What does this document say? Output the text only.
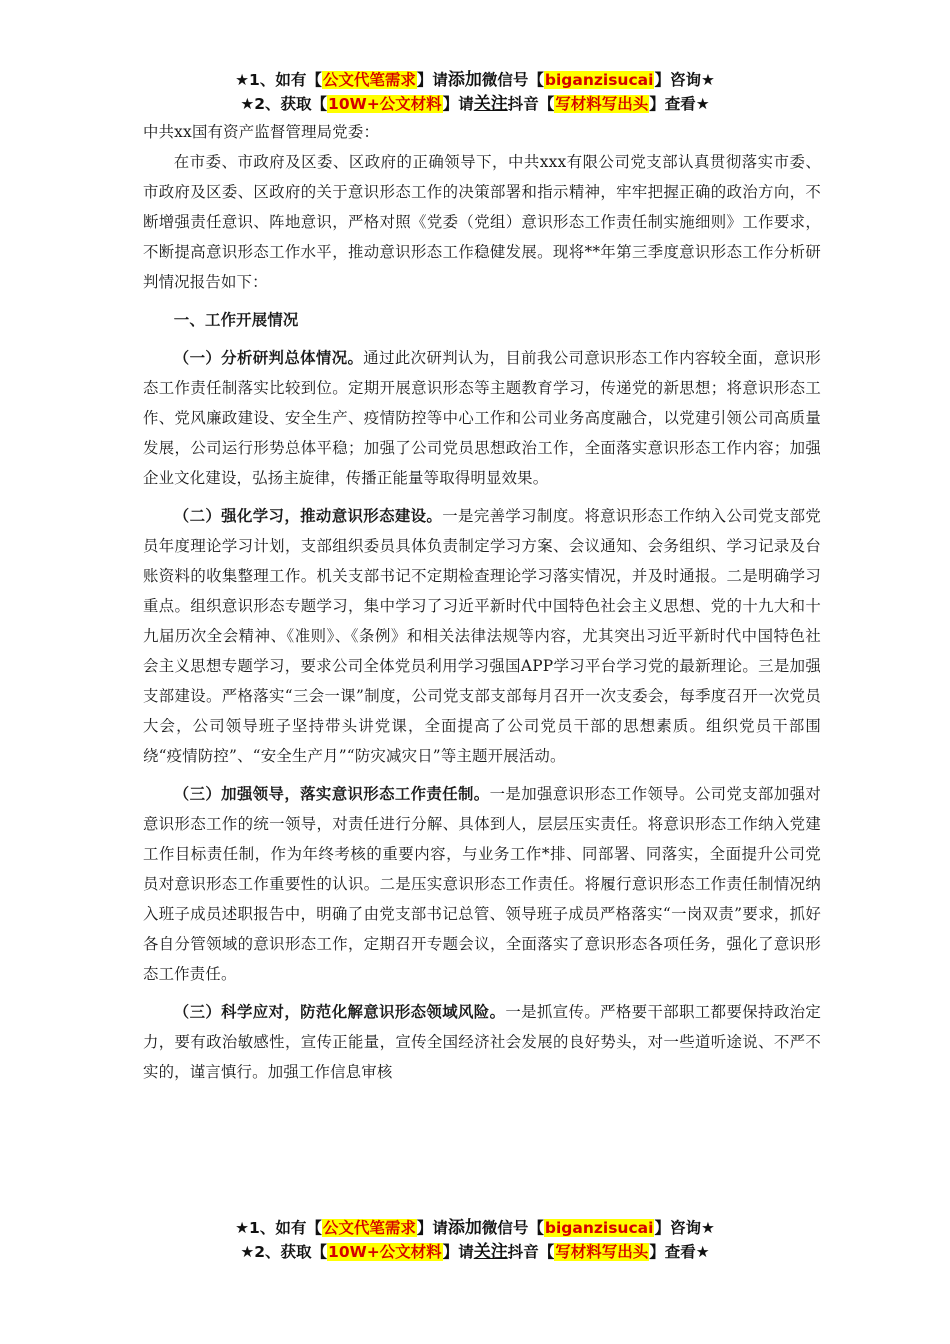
★1、如有【公文代笔需求】请添加微信号【biganzisucai】咨询★
★2、获取【10W+公文材料】请关注抖音【写材料写出头】查看★

中共xx国有资产监督管理局党委：

在市委、市政府及区委、区政府的正确领导下，中共xxx有限公司党支部认真贯彻落实市委、市政府及区委、区政府的关于意识形态工作的决策部署和指示精神，牢牢把握正确的政治方向，不断增强责任意识、阵地意识，严格对照《党委（党组）意识形态工作责任制实施细则》工作要求，不断提高意识形态工作水平，推动意识形态工作稳健发展。现将**年第三季度意识形态工作分析研判情况报告如下：

一、工作开展情况

（一）分析研判总体情况。通过此次研判认为，目前我公司意识形态工作内容较全面，意识形态工作责任制落实比较到位。定期开展意识形态等主题教育学习，传递党的新思想；将意识形态工作、党风廉政建设、安全生产、疫情防控等中心工作和公司业务高度融合，以党建引领公司高质量发展，公司运行形势总体平稳；加强了公司党员思想政治工作，全面落实意识形态工作内容；加强企业文化建设，弘扬主旋律，传播正能量等取得明显效果。

（二）强化学习，推动意识形态建设。一是完善学习制度。将意识形态工作纳入公司党支部党员年度理论学习计划，支部组织委员具体负责制定学习方案、会议通知、会务组织、学习记录及台账资料的收集整理工作。机关支部书记不定期检查理论学习落实情况，并及时通报。二是明确学习重点。组织意识形态专题学习，集中学习了习近平新时代中国特色社会主义思想、党的十九大和十九届历次全会精神、《准则》、《条例》和相关法律法规等内容，尤其突出习近平新时代中国特色社会主义思想专题学习，要求公司全体党员利用学习强国APP学习平台学习党的最新理论。三是加强支部建设。严格落实“三会一课”制度，公司党支部支部每月召开一次支委会，每季度召开一次党员大会，公司领导班子坚持带头讲党课，全面提高了公司党员干部的思想素质。组织党员干部围绕“疫情防控”、“安全生产月”“防灾减灾日”等主题开展活动。

（三）加强领导，落实意识形态工作责任制。一是加强意识形态工作领导。公司党支部加强对意识形态工作的统一领导，对责任进行分解、具体到人，层层压实责任。将意识形态工作纳入党建工作目标责任制，作为年终考核的重要内容，与业务工作*排、同部署、同落实，全面提升公司党员对意识形态工作重要性的认识。二是压实意识形态工作责任。将履行意识形态工作责任制情况纳入班子成员述职报告中，明确了由党支部书记总管、领导班子成员严格落实“一岗双责”要求，抓好各自分管领域的意识形态工作，定期召开专题会议，全面落实了意识形态各项任务，强化了意识形态工作责任。

（三）科学应对，防范化解意识形态领域风险。一是抓宣传。严格要干部职工都要保持政治定力，要有政治敏感性，宣传正能量，宣传全国经济社会发展的良好势头，对一些道听途说、不严不实的，谨言慎行。加强工作信息审核

★1、如有【公文代笔需求】请添加微信号【biganzisucai】咨询★
★2、获取【10W+公文材料】请关注抖音【写材料写出头】查看★
